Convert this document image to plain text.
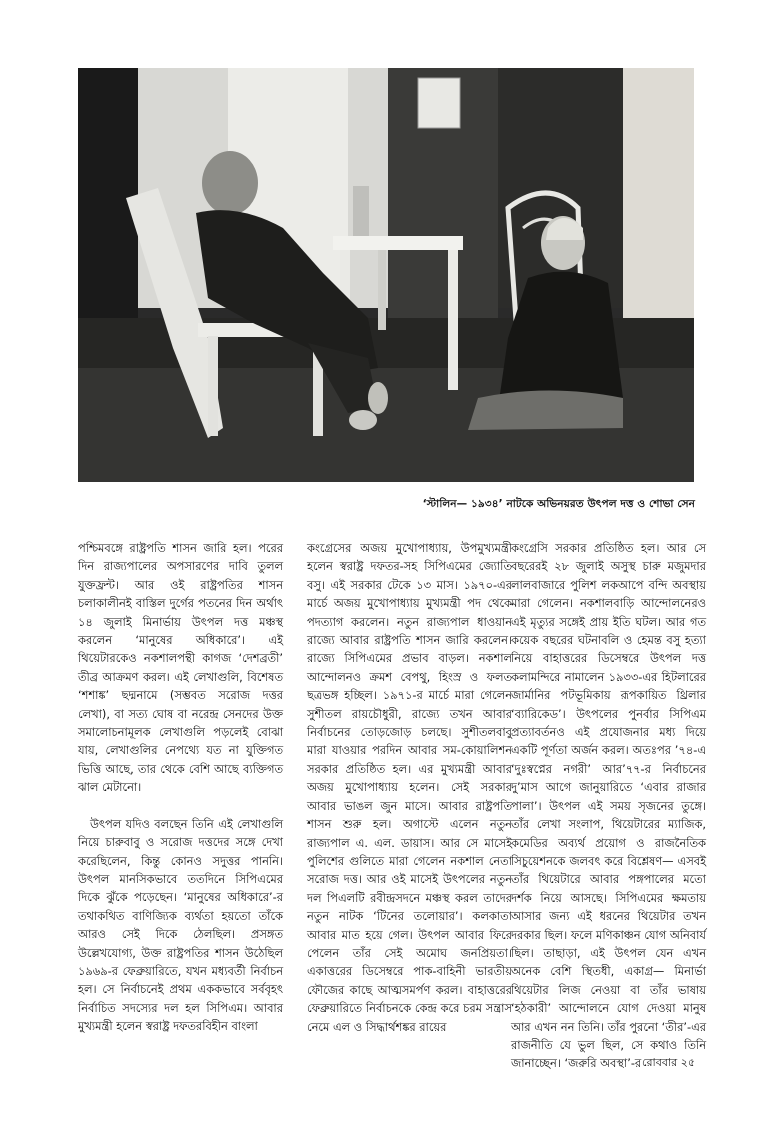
‘স্টালিন— ১৯৩৪’ নাটকে অভিনয়রত উৎপল দত্ত ও শোভা সেন

পশ্চিমবঙ্গে রাষ্ট্রপতি শাসন জারি হল। পরের দিন রাজ্যপালের অপসারণের দাবি তুলল যুক্তফ্রন্ট। আর ওই রাষ্ট্রপতির শাসন চলাকালীনই বাস্তিল দুর্গের পতনের দিন অর্থাৎ ১৪ জুলাই মিনার্ভায় উৎপল দত্ত মঞ্চস্থ করলেন ‘মানুষের অধিকারে’। এই থিয়েটারকেও নকশালপন্থী কাগজ ‘দেশব্রতী’ তীব্র আক্রমণ করল। এই লেখাগুলি, বিশেষত ‘শশাঙ্ক’ ছদ্মনামে (সম্ভবত সরোজ দত্তর লেখা), বা সত্য ঘোষ বা নরেন্দ্র সেনদের উক্ত সমালোচনামূলক লেখাগুলি পড়লেই বোঝা যায়, লেখাগুলির নেপথ্যে যত না যুক্তিগত ভিত্তি আছে, তার থেকে বেশি আছে ব্যক্তিগত ঝাল মেটানো।

উৎপল যদিও বলছেন তিনি এই লেখাগুলি নিয়ে চারুবাবু ও সরোজ দত্তদের সঙ্গে দেখা করেছিলেন, কিন্তু কোনও সদুত্তর পাননি। উৎপল মানসিকভাবে ততদিনে সিপিএমের দিকে ঝুঁকে পড়েছেন। ‘মানুষের অধিকারে’-র তথাকথিত বাণিজ্যিক ব্যর্থতা হয়তো তাঁকে আরও সেই দিকে ঠেলছিল। প্রসঙ্গত উল্লেখযোগ্য, উক্ত রাষ্ট্রপতির শাসন উঠেছিল ১৯৬৯-র ফেব্রুয়ারিতে, যখন মধ্যবর্তী নির্বাচন হল। সে নির্বাচনেই প্রথম এককভাবে সর্ববৃহৎ নির্বাচিত সদস্যের দল হল সিপিএম। আবার মুখ্যমন্ত্রী হলেন স্বরাষ্ট্র দফতরবিহীন বাংলা

কংগ্রেসের অজয় মুখোপাধ্যায়, উপমুখ্যমন্ত্রী হলেন স্বরাষ্ট্র দফতর-সহ সিপিএমের জ্যোতি বসু। এই সরকার টেকে ১৩ মাস। ১৯৭০-এর মার্চে অজয় মুখোপাধ্যায় মুখ্যমন্ত্রী পদ থেকে পদত্যাগ করলেন। নতুন রাজ্যপাল ধাওয়ান রাজ্যে আবার রাষ্ট্রপতি শাসন জারি করলেন। রাজ্যে সিপিএমের প্রভাব বাড়ল। নকশাল আন্দোলনও ক্রমশ বেপথু, হিংস্র ও ফলত ছত্রভঙ্গ হচ্ছিল। ১৯৭১-র মার্চে মারা গেলেন সুশীতল রায়চৌধুরী, রাজ্যে তখন আবার নির্বাচনের তোড়জোড় চলছে। সুশীতলবাবু মারা যাওয়ার পরদিন আবার সম-কোয়ালিশন সরকার প্রতিষ্ঠিত হল। এর মুখ্যমন্ত্রী আবার অজয় মুখোপাধ্যায় হলেন। সেই সরকার আবার ভাঙল জুন মাসে। আবার রাষ্ট্রপতি শাসন শুরু হল। অগাস্টে এলেন নতুন রাজ্যপাল এ. এল. ডায়াস। আর সে মাসেই পুলিশের গুলিতে মারা গেলেন নকশাল নেতা সরোজ দত্ত। আর ওই মাসেই উৎপলের নতুন দল পিএলটি রবীন্দ্রসদনে মঞ্চস্থ করল তাদের নতুন নাটক ‘টিনের তলোয়ার’। কলকাতা আবার মাত হয়ে গেল। উৎপল আবার ফিরে পেলেন তাঁর সেই অমোঘ জনপ্রিয়তা। একাত্তরের ডিসেম্বরে পাক-বাহিনী ভারতীয় ফৌজের কাছে আত্মসমর্পণ করল। বাহাত্তরের ফেব্রুয়ারিতে নির্বাচনকে কেন্দ্র করে চরম সন্ত্রাস নেমে এল ও সিদ্ধার্থশঙ্কর রায়ের

কংগ্রেসি সরকার প্রতিষ্ঠিত হল। আর সে বছরেরই ২৮ জুলাই অসুস্থ চারু মজুমদার লালবাজারে পুলিশ লকআপে বন্দি অবস্থায় মারা গেলেন। নকশালবাড়ি আন্দোলনেরও এই মৃত্যুর সঙ্গেই প্রায় ইতি ঘটল। আর গত কয়েক বছরের ঘটনাবলি ও হেমন্ত বসু হত্যা নিয়ে বাহাত্তরের ডিসেম্বরে উৎপল দত্ত কলামন্দিরে নামালেন ১৯৩৩-এর হিটলারের জার্মানির পটভূমিকায় রূপকায়িত থ্রিলার ‘ব্যারিকেড’। উৎপলের পুনর্বার সিপিএম প্রত্যাবর্তনও এই প্রযোজনার মধ্য দিয়ে একটি পূর্ণতা অর্জন করল। অতঃপর ’৭৪-এ ‘দুঃস্বপ্নের নগরী’ আর’৭৭-র নির্বাচনের দু’মাস আগে জানুয়ারিতে ‘এবার রাজার পালা’। উৎপল এই সময় সৃজনের তুঙ্গে। তাঁর লেখা সংলাপ, থিয়েটারের ম্যাজিক, কমেডির অব্যর্থ প্রয়োগ ও রাজনৈতিক সিচুয়েশনকে জলবৎ করে বিশ্লেষণ— এসবই তাঁর থিয়েটারে আবার পঙ্গপালের মতো দর্শক নিয়ে আসছে। সিপিএমের ক্ষমতায় আসার জন্য এই ধরনের থিয়েটার তখন দরকার ছিল। ফলে মণিকাঞ্চন যোগ অনিবার্য ছিল। তাছাড়া, এই উৎপল যেন এখন অনেক বেশি স্থিতধী, একাগ্র— মিনার্ভা থিয়েটার লিজ নেওয়া বা তাঁর ভাষায় ‘হঠকারী’ আন্দোলনে যোগ দেওয়া মানুষ আর এখন নন তিনি। তাঁর পুরনো ‘তীর’-এর রাজনীতি যে ভুল ছিল, সে কথাও তিনি জানাচ্ছেন। ‘জরুরি অবস্থা’-র রোববার ২৫
